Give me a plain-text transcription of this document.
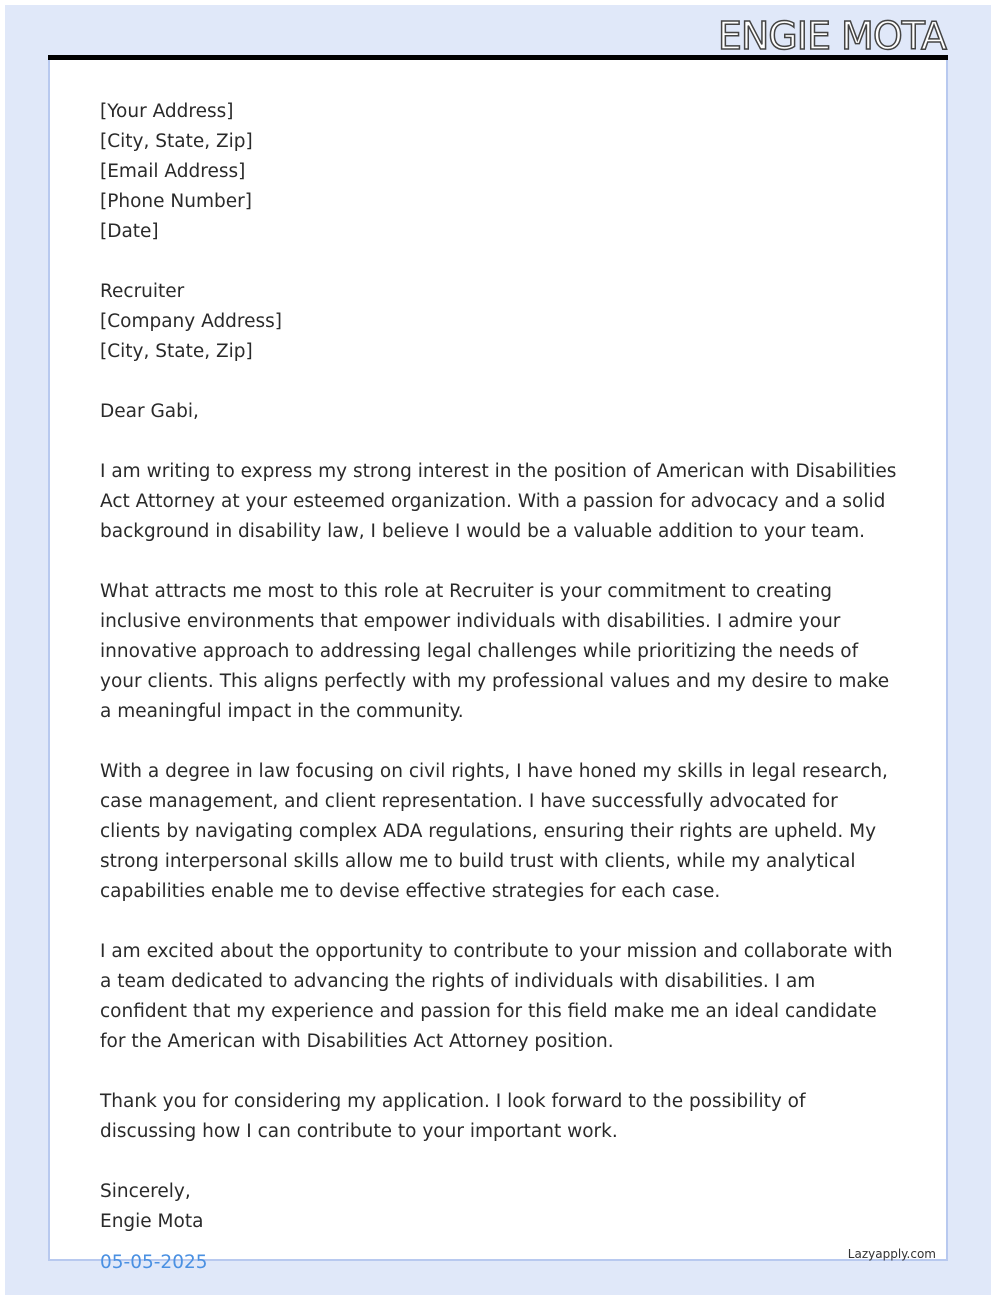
ENGIE MOTA

[Your Address]

[City, State, Zip]

[Email Address]

[Phone Number]

[Date]

Recruiter

[Company Address]

[City, State, Zip]

Dear Gabi,

I am writing to express my strong interest in the position of American with Disabilities Act Attorney at your esteemed organization. With a passion for advocacy and a solid background in disability law, I believe I would be a valuable addition to your team.

What attracts me most to this role at Recruiter is your commitment to creating inclusive environments that empower individuals with disabilities. I admire your innovative approach to addressing legal challenges while prioritizing the needs of your clients. This aligns perfectly with my professional values and my desire to make a meaningful impact in the community.

With a degree in law focusing on civil rights, I have honed my skills in legal research, case management, and client representation. I have successfully advocated for clients by navigating complex ADA regulations, ensuring their rights are upheld. My strong interpersonal skills allow me to build trust with clients, while my analytical capabilities enable me to devise effective strategies for each case.

I am excited about the opportunity to contribute to your mission and collaborate with a team dedicated to advancing the rights of individuals with disabilities. I am confident that my experience and passion for this field make me an ideal candidate for the American with Disabilities Act Attorney position.

Thank you for considering my application. I look forward to the possibility of discussing how I can contribute to your important work.

Sincerely,

Engie Mota

05-05-2025	Lazyapply.com
